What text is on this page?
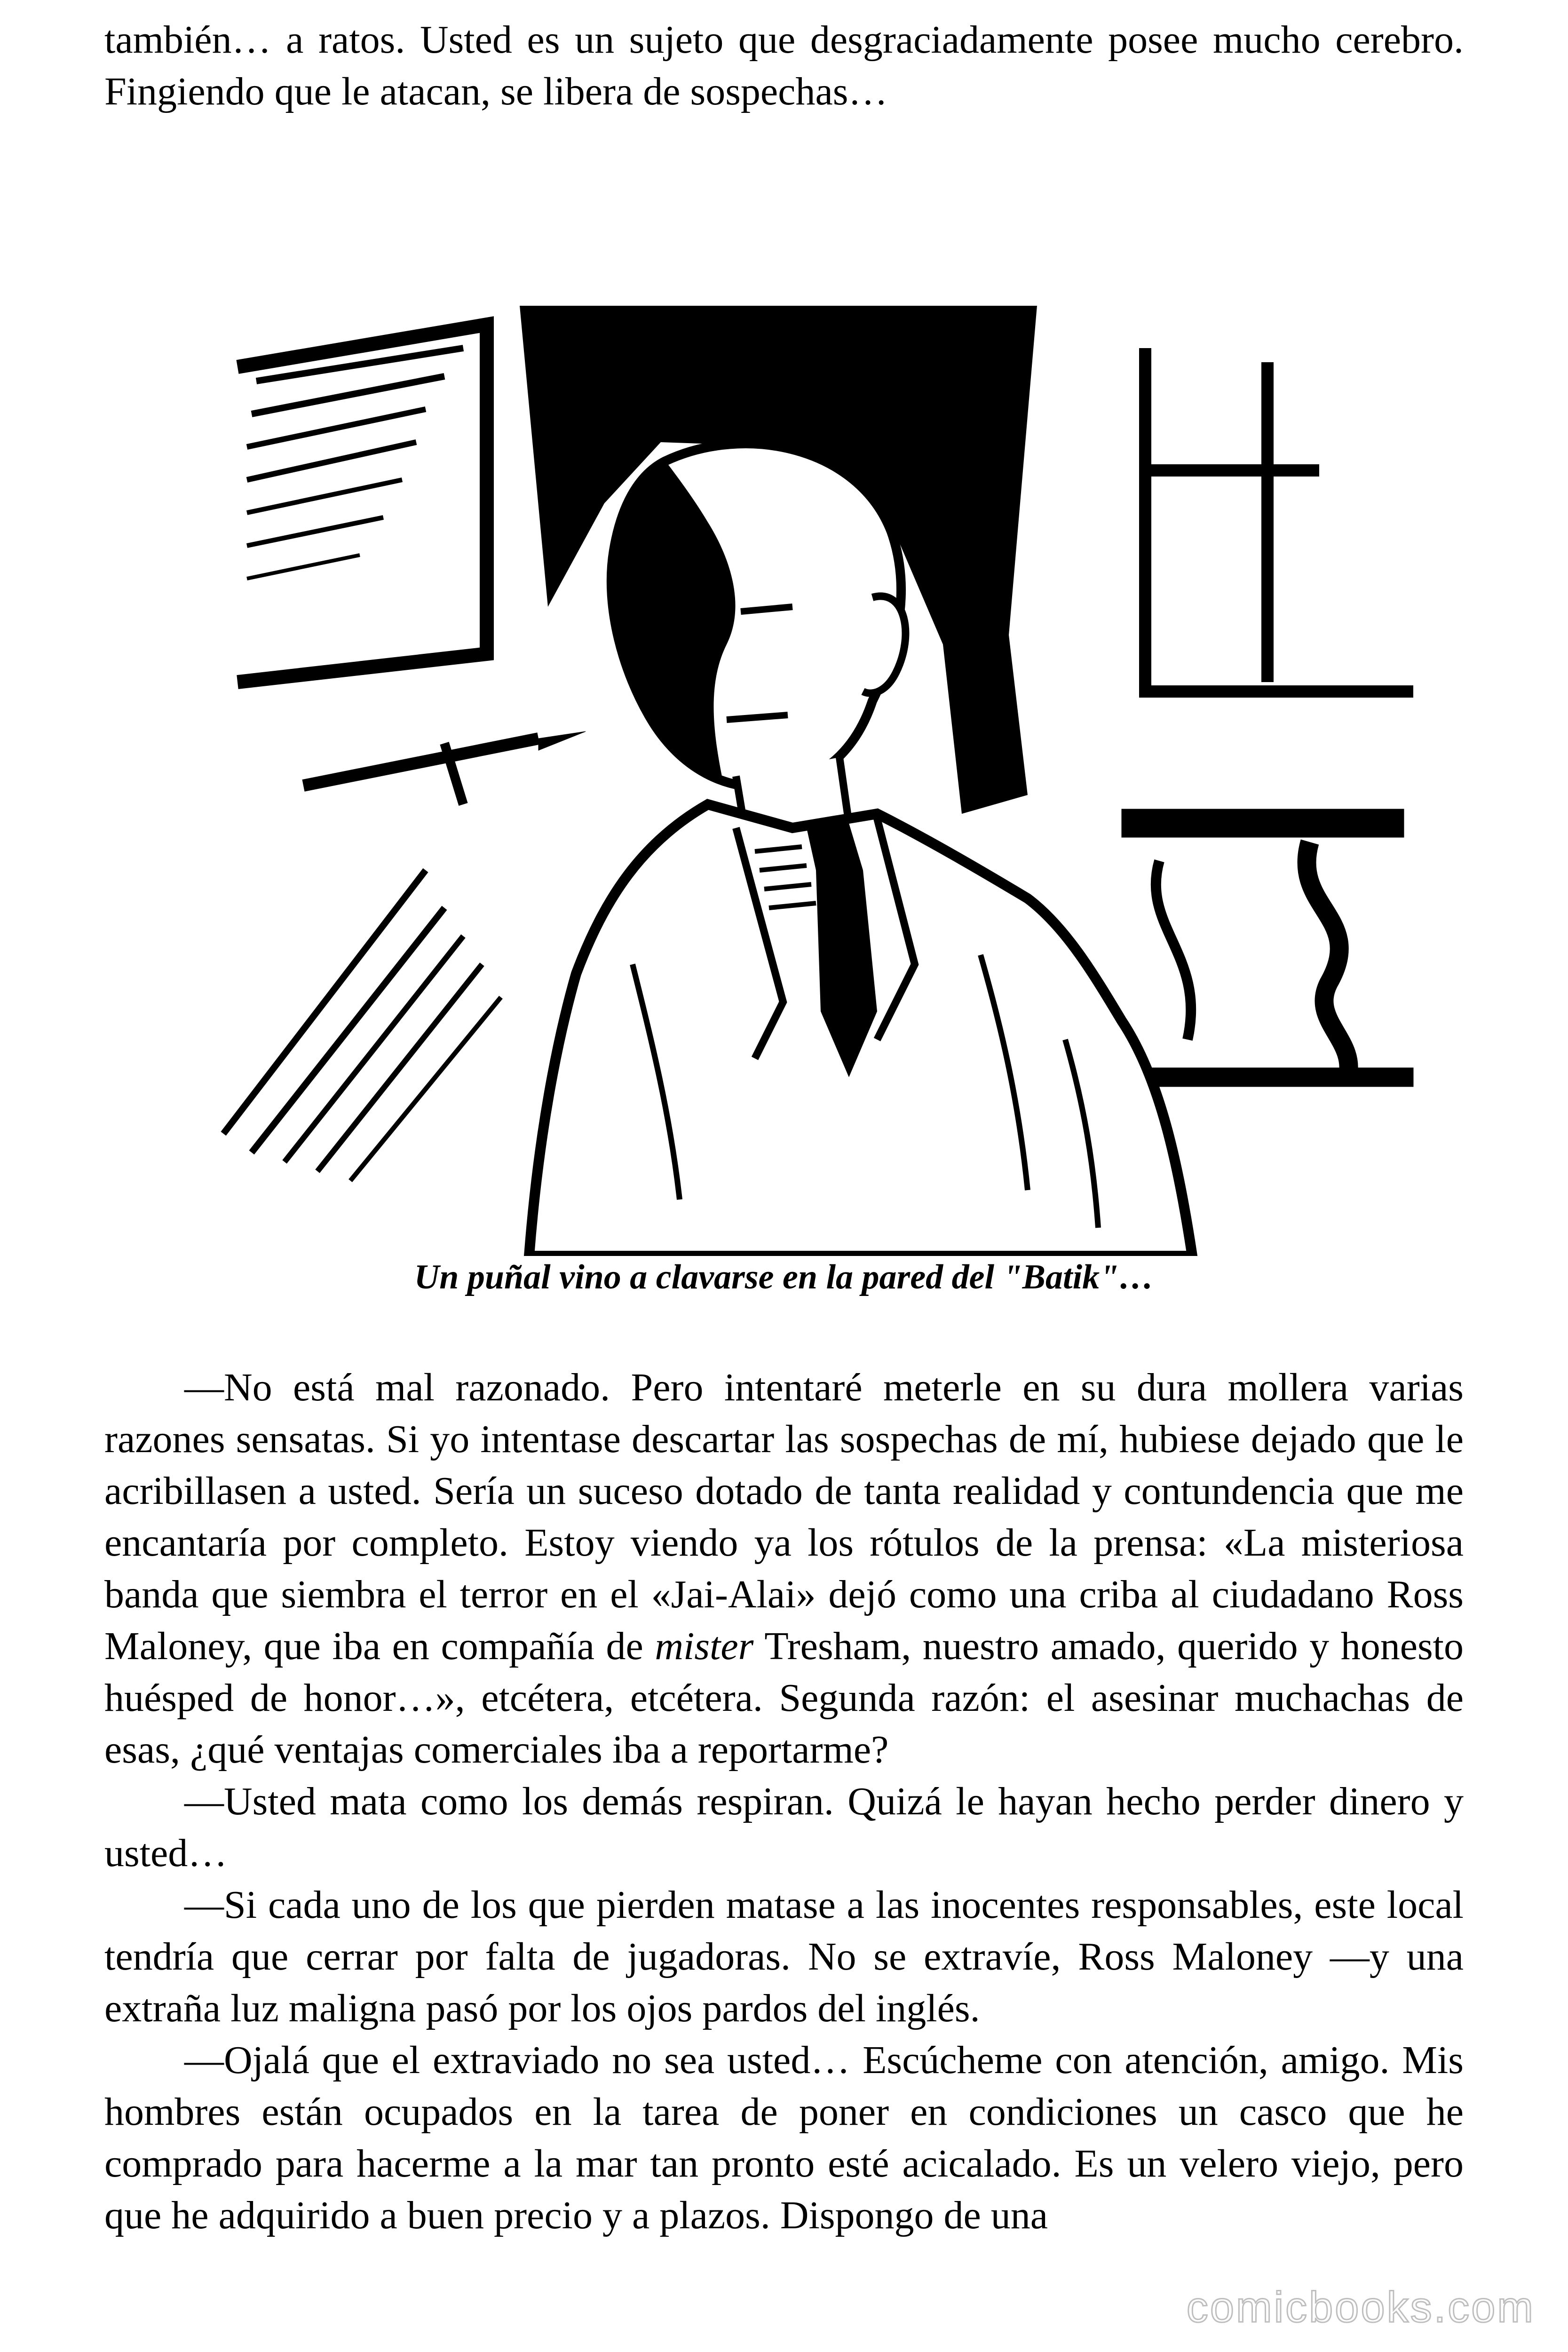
también… a ratos. Usted es un sujeto que desgraciadamente posee mucho cerebro. Fingiendo que le atacan, se libera de sospechas…

Un puñal vino a clavarse en la pared del "Batik"…

—No está mal razonado. Pero intentaré meterle en su dura mollera varias razones sensatas. Si yo intentase descartar las sospechas de mí, hubiese dejado que le acribillasen a usted. Sería un suceso dotado de tanta realidad y contundencia que me encantaría por completo. Estoy viendo ya los rótulos de la prensa: «La misteriosa banda que siembra el terror en el «Jai-Alai» dejó como una criba al ciudadano Ross Maloney, que iba en compañía de mister Tresham, nuestro amado, querido y honesto huésped de honor…», etcétera, etcétera. Segunda razón: el asesinar muchachas de esas, ¿qué ventajas comerciales iba a reportarme?

—Usted mata como los demás respiran. Quizá le hayan hecho perder dinero y usted…

—Si cada uno de los que pierden matase a las inocentes responsables, este local tendría que cerrar por falta de jugadoras. No se extravíe, Ross Maloney —y una extraña luz maligna pasó por los ojos pardos del inglés.

—Ojalá que el extraviado no sea usted… Escúcheme con atención, amigo. Mis hombres están ocupados en la tarea de poner en condiciones un casco que he comprado para hacerme a la mar tan pronto esté acicalado. Es un velero viejo, pero que he adquirido a buen precio y a plazos. Dispongo de una

comicbooks.com
